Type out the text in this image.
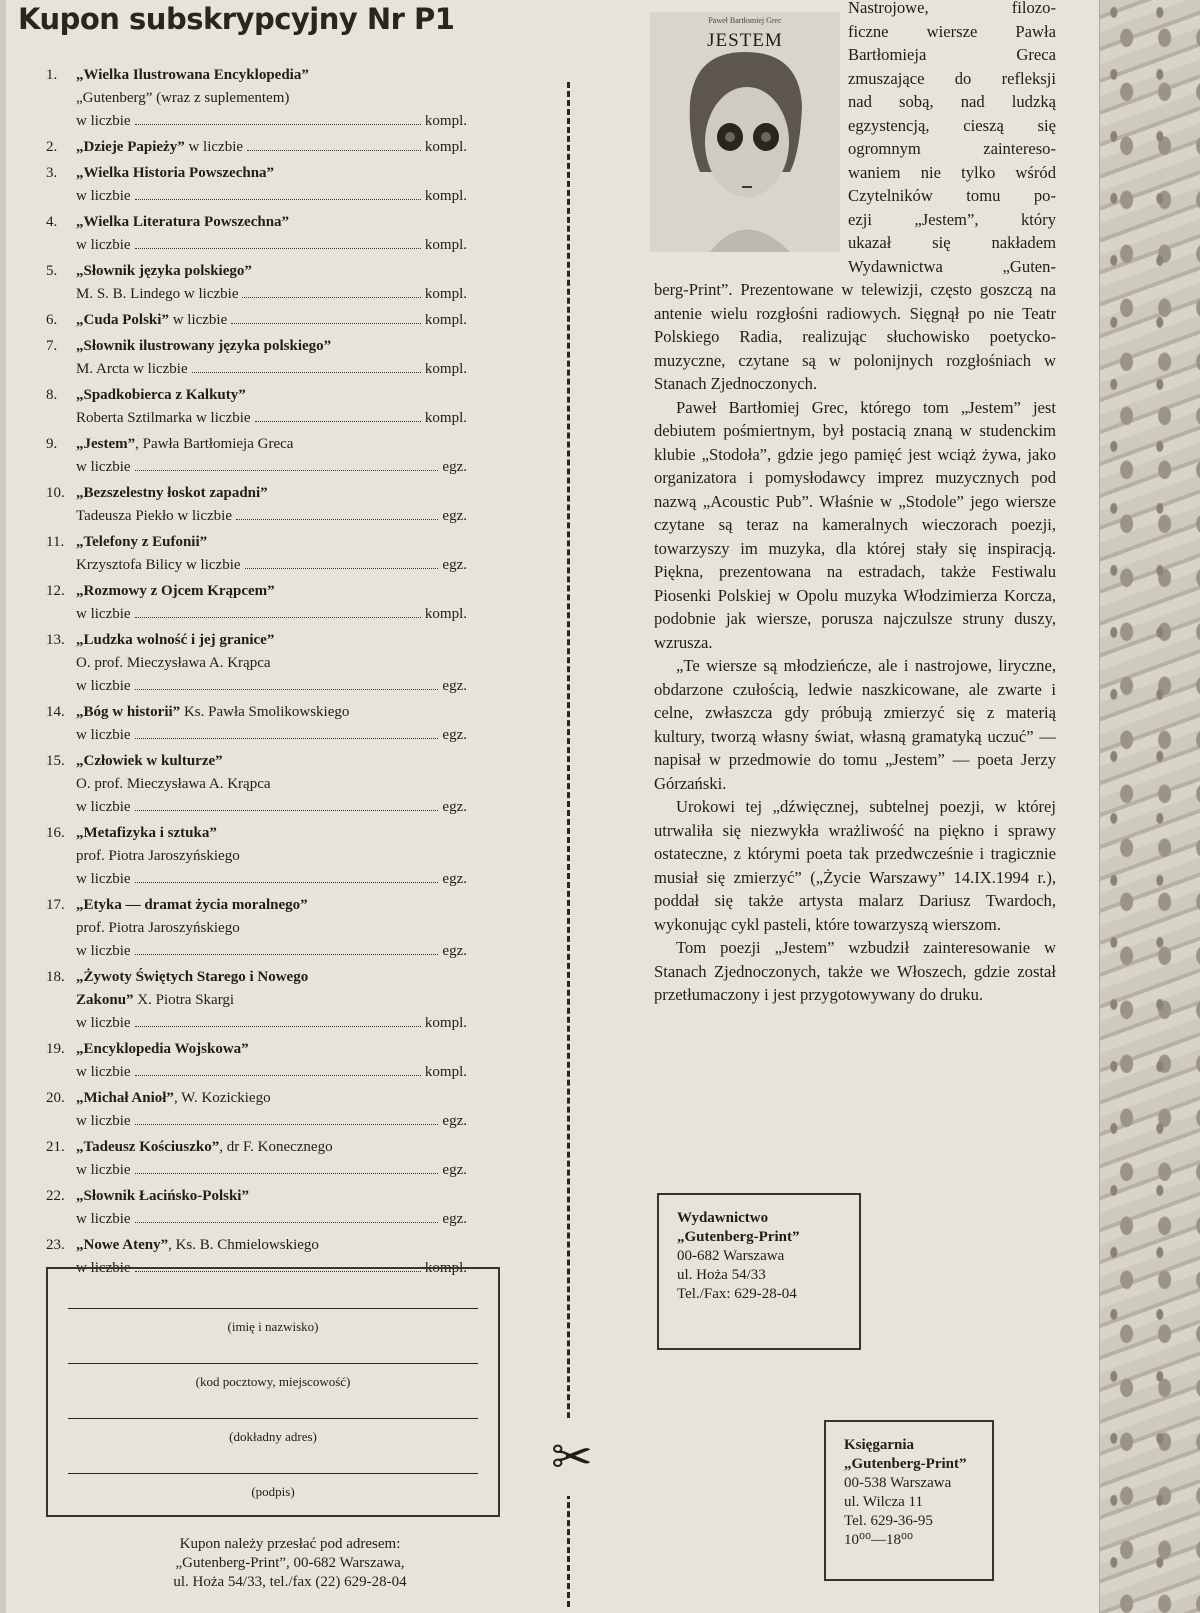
Kupon subskrypcyjny Nr P1
1. „Wielka Ilustrowana Encyklopedia”
„Gutenberg” (wraz z suplementem)
w liczbie	kompl.
2. „Dzieje Papieży” w liczbie	kompl.
3. „Wielka Historia Powszechna”
w liczbie	kompl.
4. „Wielka Literatura Powszechna”
w liczbie	kompl.
5. „Słownik języka polskiego”
M. S. B. Lindego w liczbie	kompl.
6. „Cuda Polski” w liczbie	kompl.
7. „Słownik ilustrowany języka polskiego”
M. Arcta w liczbie	kompl.
8. „Spadkobierca z Kalkuty”
Roberta Sztilmarka w liczbie	kompl.
9. „Jestem”, Pawła Bartłomieja Greca
w liczbie	egz.
10. „Bezszelestny łoskot zapadni”
Tadeusza Piekło w liczbie	egz.
11. „Telefony z Eufonii”
Krzysztofa Bilicy w liczbie	egz.
12. „Rozmowy z Ojcem Krąpcem”
w liczbie	kompl.
13. „Ludzka wolność i jej granice”
O. prof. Mieczysława A. Krąpca
w liczbie	egz.
14. „Bóg w historii” Ks. Pawła Smolikowskiego
w liczbie	egz.
15. „Człowiek w kulturze”
O. prof. Mieczysława A. Krąpca
w liczbie	egz.
16. „Metafizyka i sztuka”
prof. Piotra Jaroszyńskiego
w liczbie	egz.
17. „Etyka — dramat życia moralnego”
prof. Piotra Jaroszyńskiego
w liczbie	egz.
18. „Żywoty Świętych Starego i Nowego
Zakonu” X. Piotra Skargi
w liczbie	kompl.
19. „Encyklopedia Wojskowa”
w liczbie	kompl.
20. „Michał Anioł”, W. Kozickiego
w liczbie	egz.
21. „Tadeusz Kościuszko”, dr F. Konecznego
w liczbie	egz.
22. „Słownik Łacińsko-Polski”
w liczbie	egz.
23. „Nowe Ateny”, Ks. B. Chmielowskiego
w liczbie	kompl.
(imię i nazwisko)
(kod pocztowy, miejscowość)
(dokładny adres)
(podpis)
Kupon należy przesłać pod adresem:
„Gutenberg-Print”, 00-682 Warszawa,
ul. Hoża 54/33, tel./fax (22) 629-28-04
✂
Paweł Bartłomiej Grec
JESTEM
Nastrojowe, filozo-
ficzne wiersze Pawła
Bartłomieja Greca
zmuszające do refleksji
nad sobą, nad ludzką
egzystencją, cieszą się
ogromnym zaintereso-
waniem nie tylko wśród
Czytelników tomu po-
ezji „Jestem”, który
ukazał się nakładem
Wydawnictwa „Guten-

berg-Print”. Prezentowane w telewizji, często goszczą na antenie wielu rozgłośni radiowych. Sięgnął po nie Teatr Polskiego Radia, realizując słuchowisko poetycko-muzyczne, czytane są w polonijnych rozgłośniach w Stanach Zjednoczonych.

Paweł Bartłomiej Grec, którego tom „Jestem” jest debiutem pośmiertnym, był postacią znaną w studenckim klubie „Stodoła”, gdzie jego pamięć jest wciąż żywa, jako organizatora i pomysłodawcy imprez muzycznych pod nazwą „Acoustic Pub”. Właśnie w „Stodole” jego wiersze czytane są teraz na kameralnych wieczorach poezji, towarzyszy im muzyka, dla której stały się inspiracją. Piękna, prezentowana na estradach, także Festiwalu Piosenki Polskiej w Opolu muzyka Włodzimierza Korcza, podobnie jak wiersze, porusza najczulsze struny duszy, wzrusza.

„Te wiersze są młodzieńcze, ale i nastrojowe, liryczne, obdarzone czułością, ledwie naszkicowane, ale zwarte i celne, zwłaszcza gdy próbują zmierzyć się z materią kultury, tworzą własny świat, własną gramatyką uczuć” — napisał w przedmowie do tomu „Jestem” — poeta Jerzy Górzański.

Urokowi tej „dźwięcznej, subtelnej poezji, w której utrwaliła się niezwykła wrażliwość na piękno i sprawy ostateczne, z którymi poeta tak przedwcześnie i tragicznie musiał się zmierzyć” („Życie Warszawy” 14.IX.1994 r.), poddał się także artysta malarz Dariusz Twardoch, wykonując cykl pasteli, które towarzyszą wierszom.

Tom poezji „Jestem” wzbudził zainteresowanie w Stanach Zjednoczonych, także we Włoszech, gdzie został przetłumaczony i jest przygotowywany do druku.

Wydawnictwo
„Gutenberg-Print”
00-682 Warszawa
ul. Hoża 54/33
Tel./Fax: 629-28-04
Księgarnia
„Gutenberg-Print”
00-538 Warszawa
ul. Wilcza 11
Tel. 629-36-95
10⁰⁰—18⁰⁰
